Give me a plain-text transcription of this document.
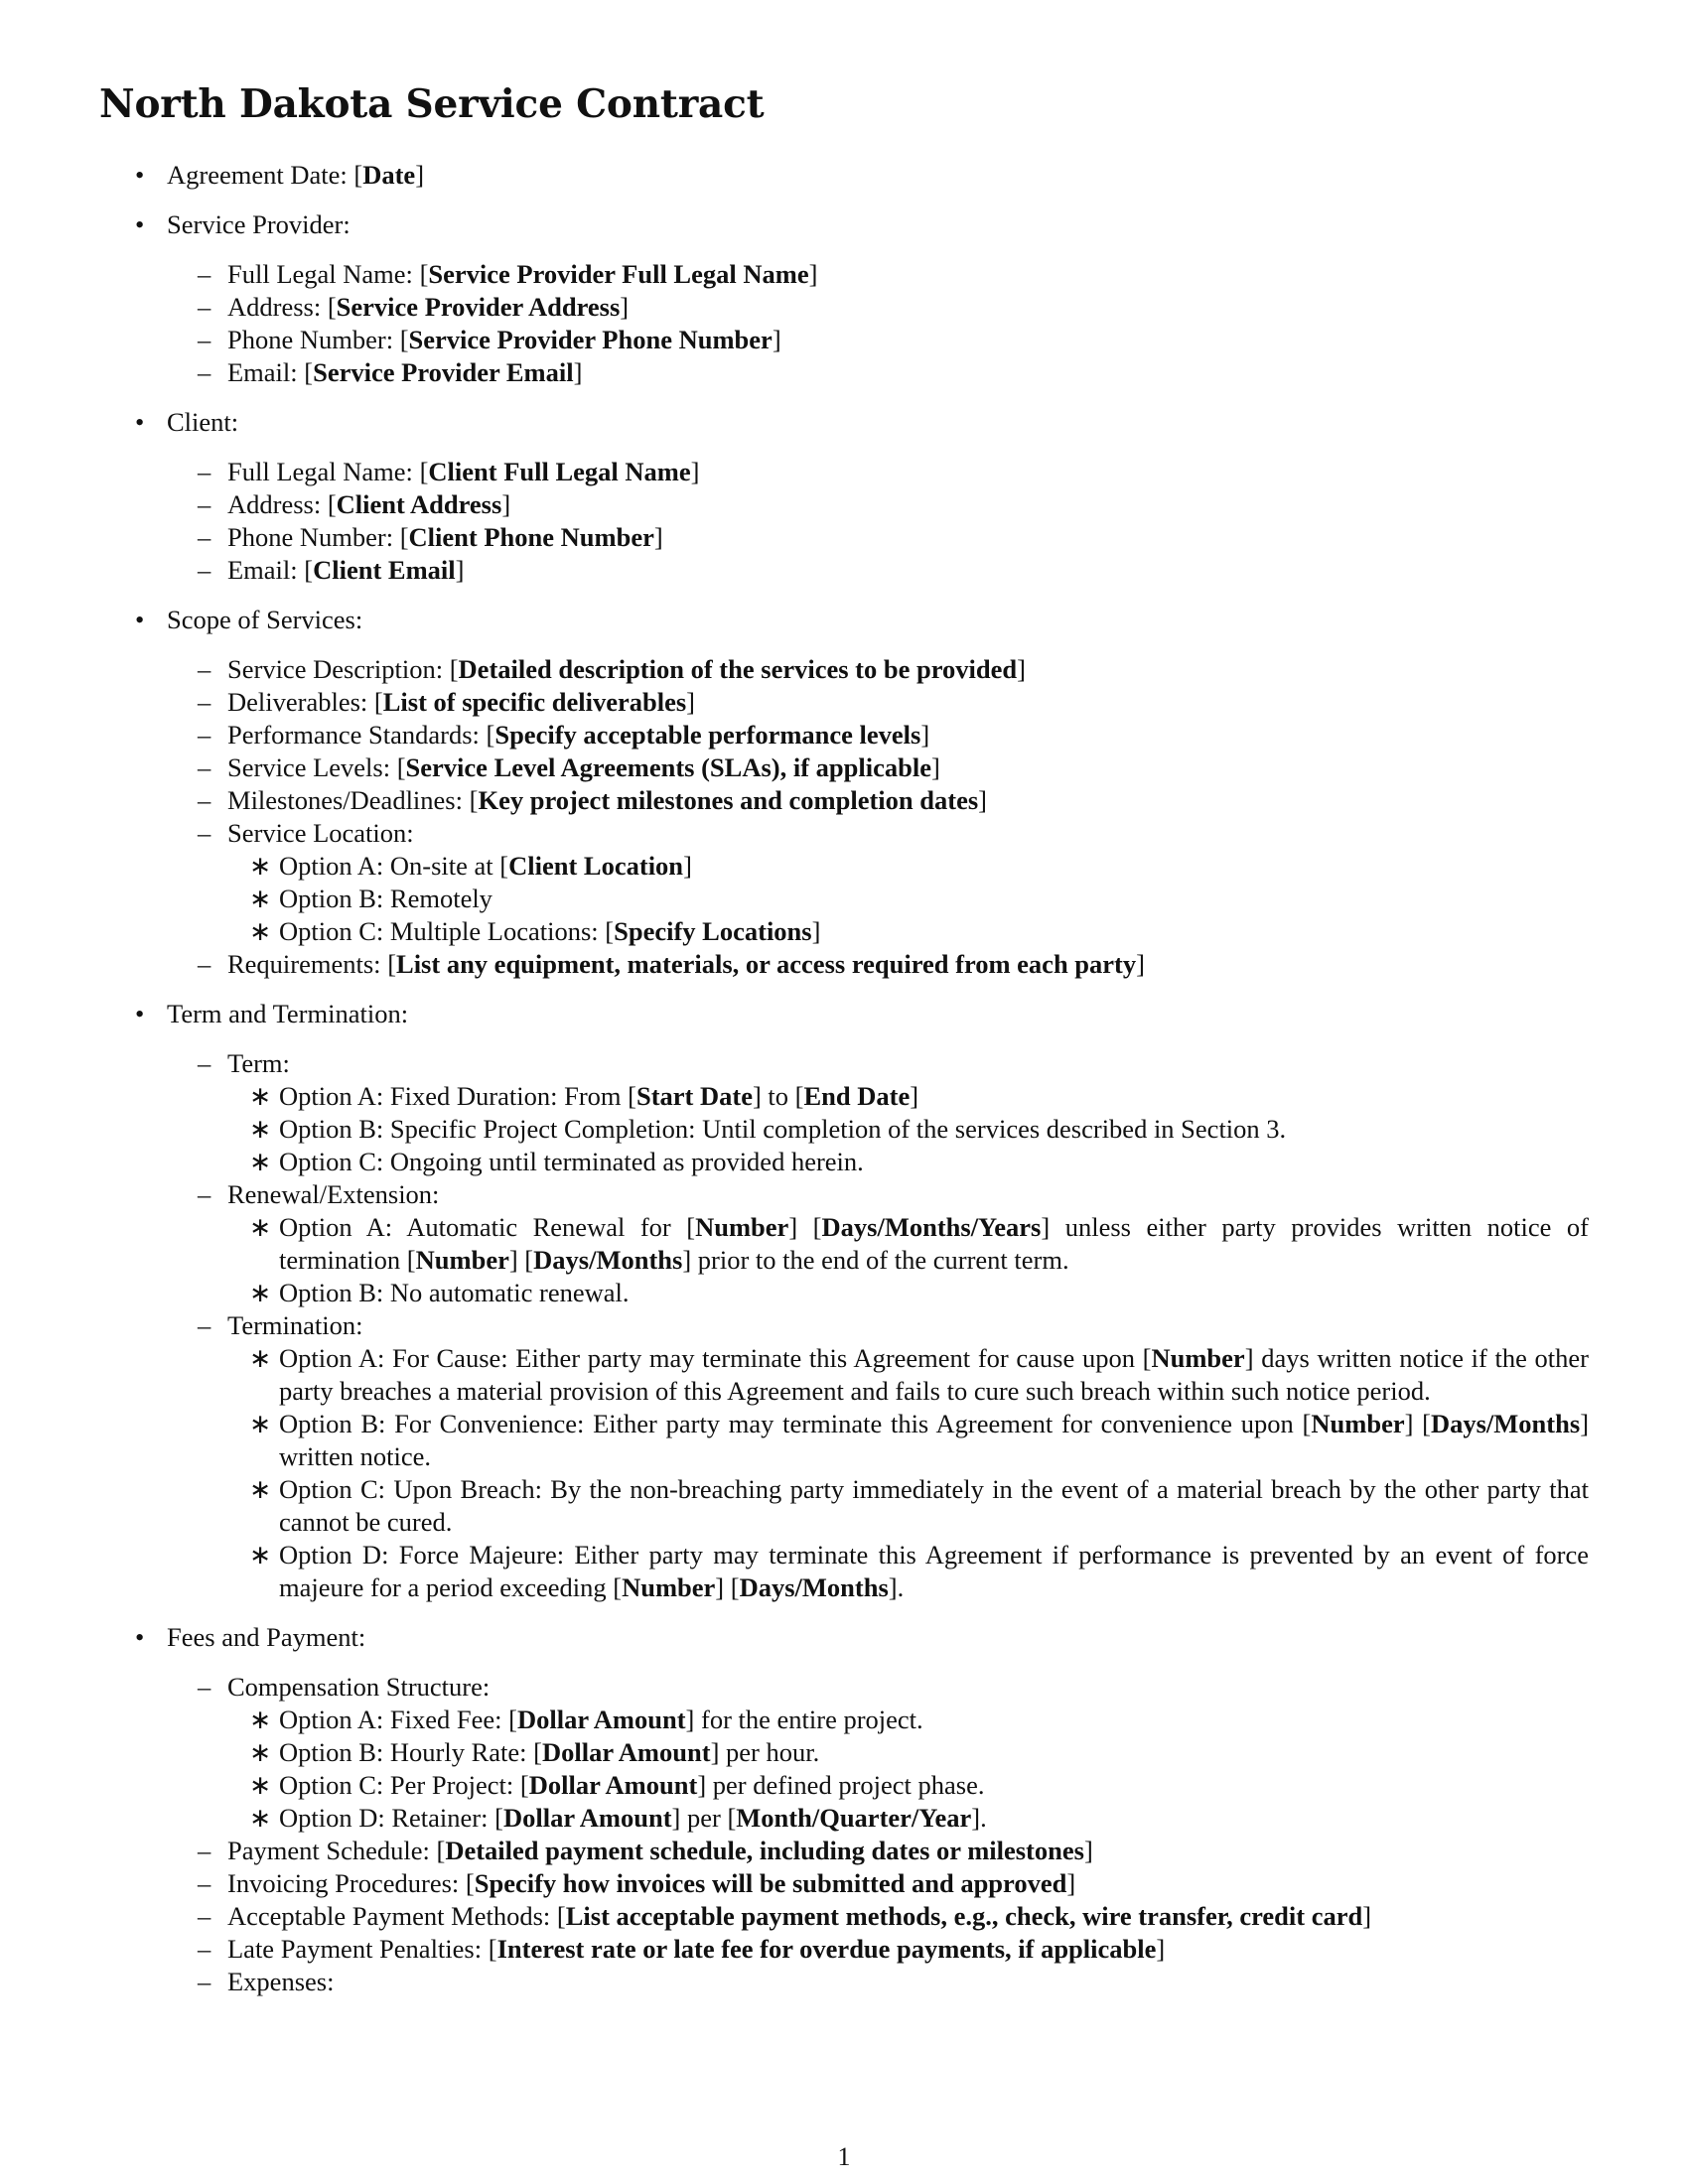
North Dakota Service Contract
• Agreement Date: [Date]
• Service Provider:
– Full Legal Name: [Service Provider Full Legal Name]
– Address: [Service Provider Address]
– Phone Number: [Service Provider Phone Number]
– Email: [Service Provider Email]
• Client:
– Full Legal Name: [Client Full Legal Name]
– Address: [Client Address]
– Phone Number: [Client Phone Number]
– Email: [Client Email]
• Scope of Services:
– Service Description: [Detailed description of the services to be provided]
– Deliverables: [List of specific deliverables]
– Performance Standards: [Specify acceptable performance levels]
– Service Levels: [Service Level Agreements (SLAs), if applicable]
– Milestones/Deadlines: [Key project milestones and completion dates]
– Service Location:
∗ Option A: On-site at [Client Location]
∗ Option B: Remotely
∗ Option C: Multiple Locations: [Specify Locations]
– Requirements: [List any equipment, materials, or access required from each party]
• Term and Termination:
– Term:
∗ Option A: Fixed Duration: From [Start Date] to [End Date]
∗ Option B: Specific Project Completion: Until completion of the services described in Section 3.
∗ Option C: Ongoing until terminated as provided herein.
– Renewal/Extension:
∗ Option A: Automatic Renewal for [Number] [Days/Months/Years] unless either party provides written notice of termination [Number] [Days/Months] prior to the end of the current term.
∗ Option B: No automatic renewal.
– Termination:
∗ Option A: For Cause: Either party may terminate this Agreement for cause upon [Number] days written notice if the other party breaches a material provision of this Agreement and fails to cure such breach within such notice period.
∗ Option B: For Convenience: Either party may terminate this Agreement for convenience upon [Number] [Days/Months] written notice.
∗ Option C: Upon Breach: By the non-breaching party immediately in the event of a material breach by the other party that cannot be cured.
∗ Option D: Force Majeure: Either party may terminate this Agreement if performance is prevented by an event of force majeure for a period exceeding [Number] [Days/Months].
• Fees and Payment:
– Compensation Structure:
∗ Option A: Fixed Fee: [Dollar Amount] for the entire project.
∗ Option B: Hourly Rate: [Dollar Amount] per hour.
∗ Option C: Per Project: [Dollar Amount] per defined project phase.
∗ Option D: Retainer: [Dollar Amount] per [Month/Quarter/Year].
– Payment Schedule: [Detailed payment schedule, including dates or milestones]
– Invoicing Procedures: [Specify how invoices will be submitted and approved]
– Acceptable Payment Methods: [List acceptable payment methods, e.g., check, wire transfer, credit card]
– Late Payment Penalties: [Interest rate or late fee for overdue payments, if applicable]
– Expenses:
1
